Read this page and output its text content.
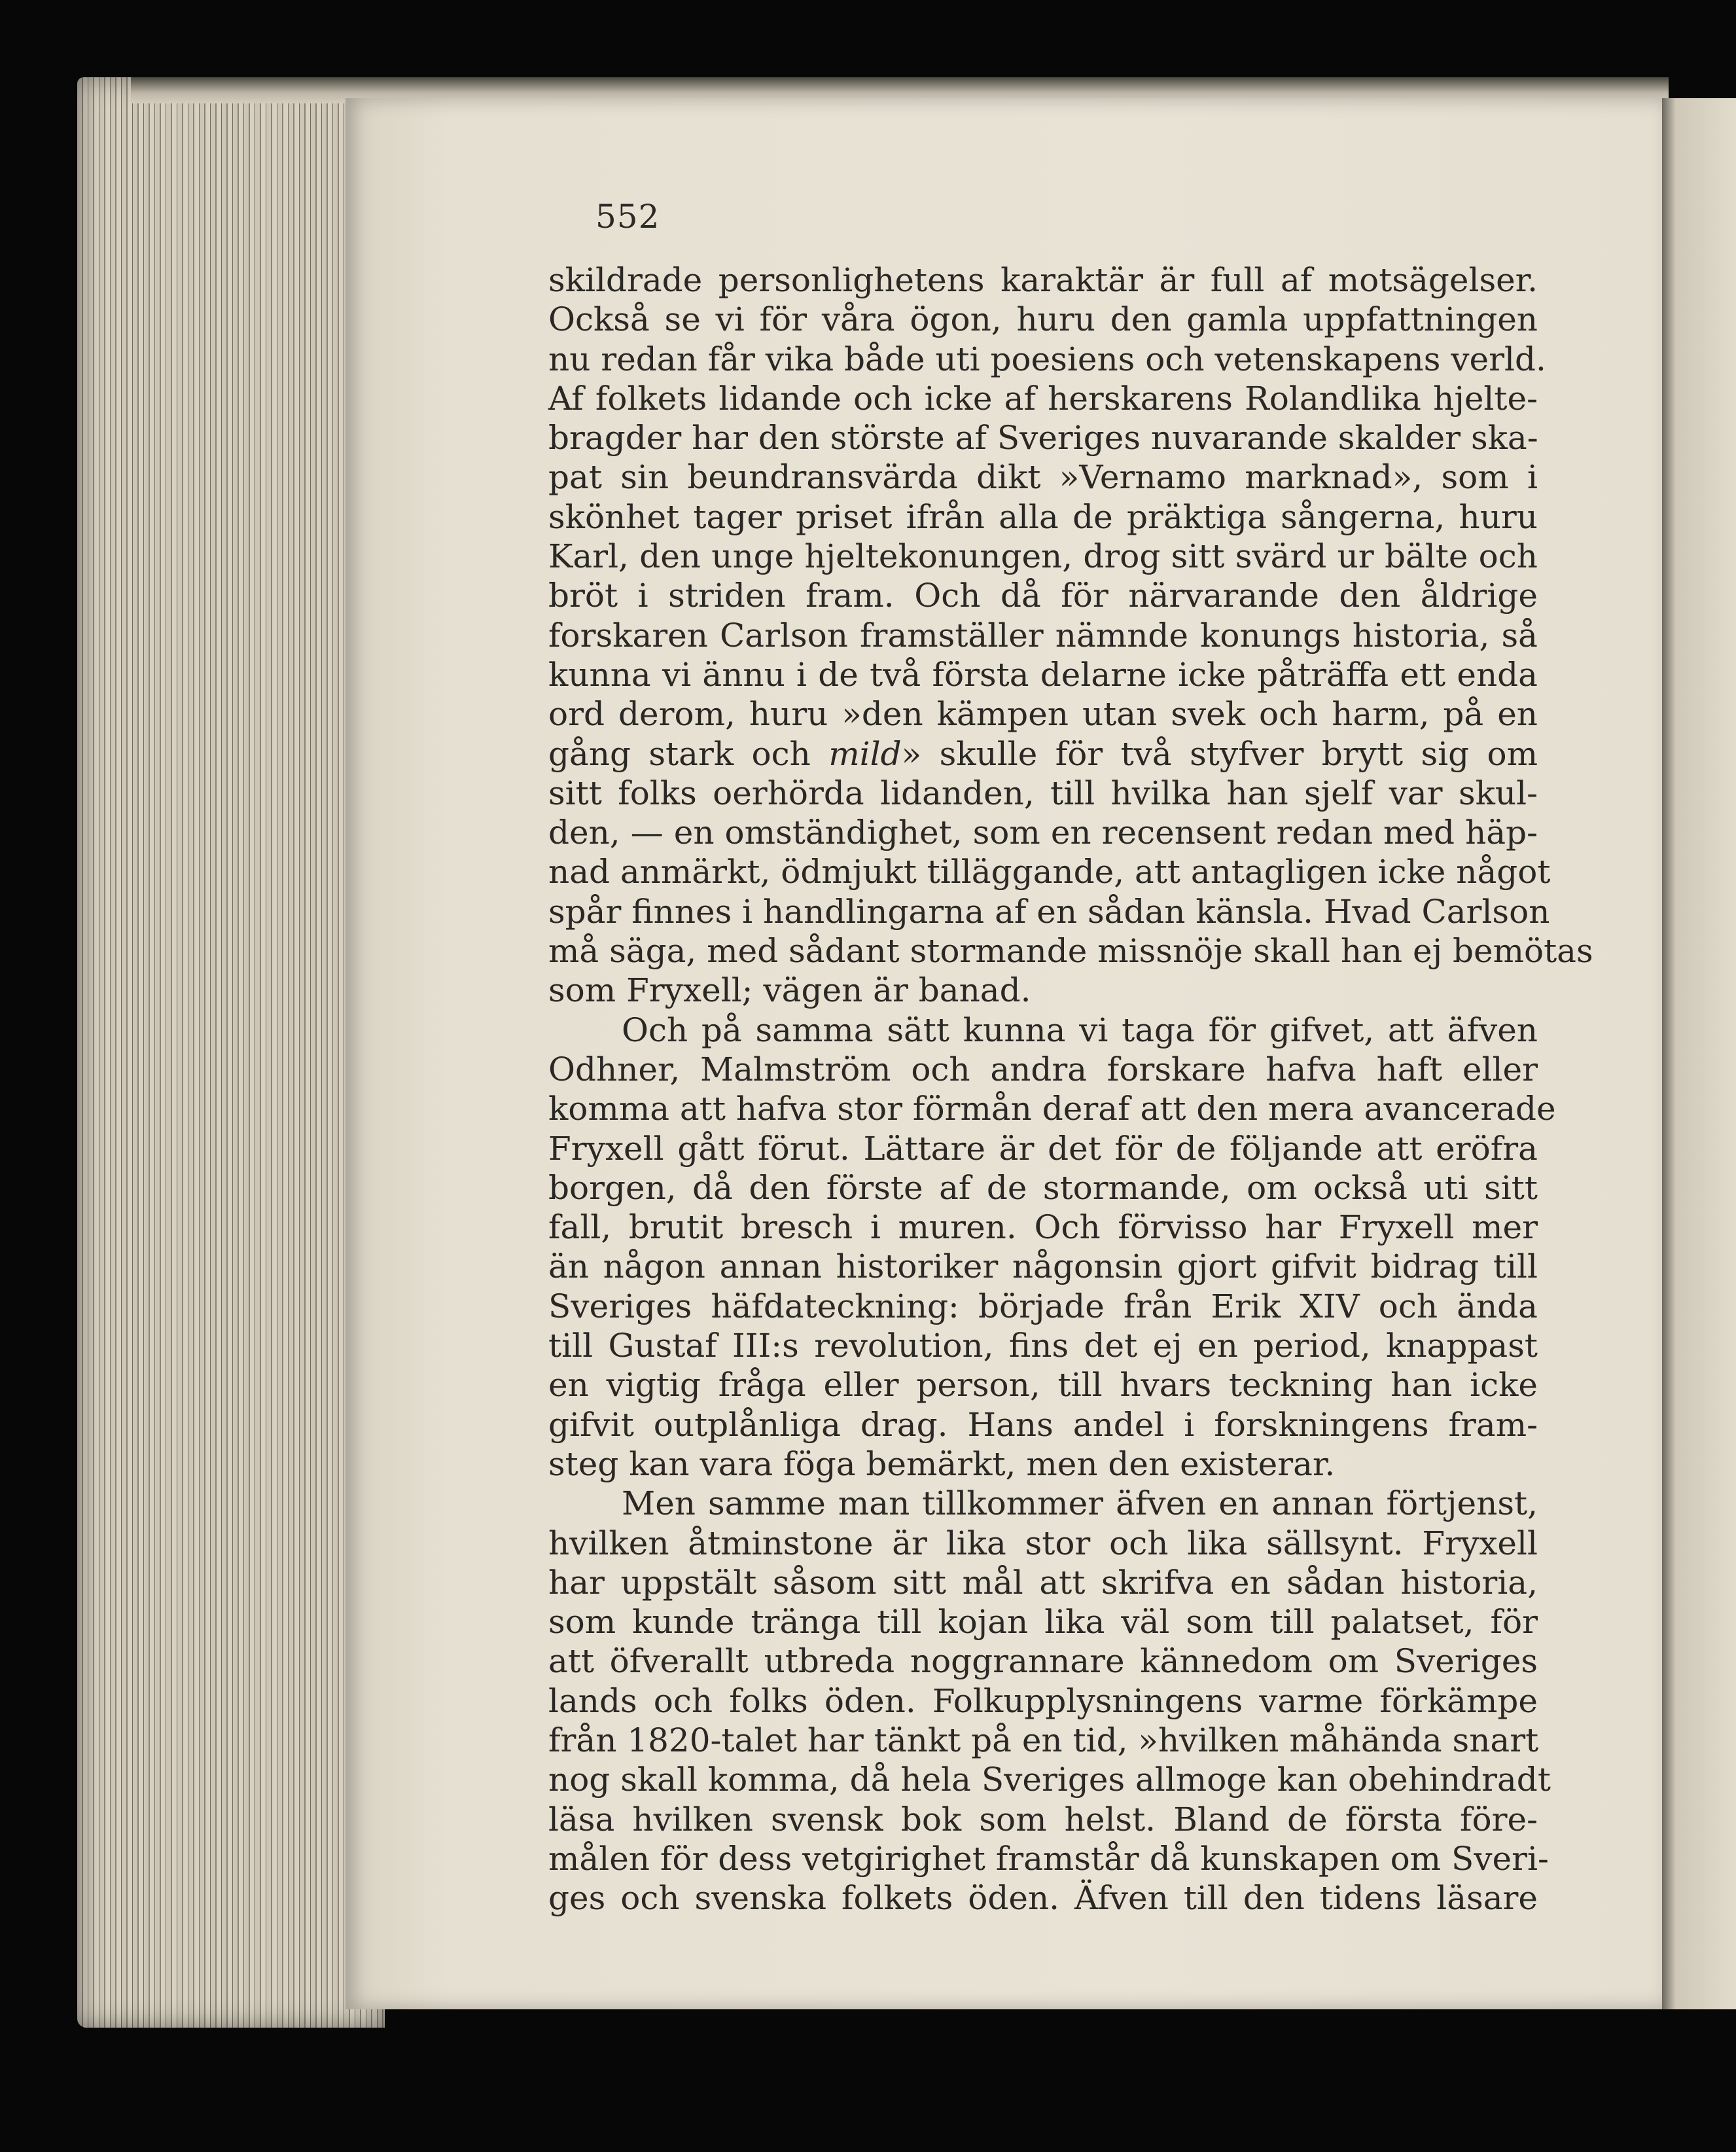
552

skildrade personlighetens karaktär är full af motsägelser.
Också se vi för våra ögon, huru den gamla uppfattningen
nu redan får vika både uti poesiens och vetenskapens verld.
Af folkets lidande och icke af herskarens Rolandlika hjelte-
bragder har den störste af Sveriges nuvarande skalder ska-
pat sin beundransvärda dikt »Vernamo marknad», som i
skönhet tager priset ifrån alla de präktiga sångerna, huru
Karl, den unge hjeltekonungen, drog sitt svärd ur bälte och
bröt i striden fram. Och då för närvarande den åldrige
forskaren Carlson framställer nämnde konungs historia, så
kunna vi ännu i de två första delarne icke påträffa ett enda
ord derom, huru »den kämpen utan svek och harm, på en
gång stark och mild» skulle för två styfver brytt sig om
sitt folks oerhörda lidanden, till hvilka han sjelf var skul-
den, — en omständighet, som en recensent redan med häp-
nad anmärkt, ödmjukt tilläggande, att antagligen icke något
spår finnes i handlingarna af en sådan känsla. Hvad Carlson
må säga, med sådant stormande missnöje skall han ej bemötas
som Fryxell; vägen är banad.
Och på samma sätt kunna vi taga för gifvet, att äfven
Odhner, Malmström och andra forskare hafva haft eller
komma att hafva stor förmån deraf att den mera avancerade
Fryxell gått förut. Lättare är det för de följande att eröfra
borgen, då den förste af de stormande, om också uti sitt
fall, brutit bresch i muren. Och förvisso har Fryxell mer
än någon annan historiker någonsin gjort gifvit bidrag till
Sveriges häfdateckning: började från Erik XIV och ända
till Gustaf III:s revolution, fins det ej en period, knappast
en vigtig fråga eller person, till hvars teckning han icke
gifvit outplånliga drag. Hans andel i forskningens fram-
steg kan vara föga bemärkt, men den existerar.
Men samme man tillkommer äfven en annan förtjenst,
hvilken åtminstone är lika stor och lika sällsynt. Fryxell
har uppstält såsom sitt mål att skrifva en sådan historia,
som kunde tränga till kojan lika väl som till palatset, för
att öfverallt utbreda noggrannare kännedom om Sveriges
lands och folks öden. Folkupplysningens varme förkämpe
från 1820-talet har tänkt på en tid, »hvilken måhända snart
nog skall komma, då hela Sveriges allmoge kan obehindradt
läsa hvilken svensk bok som helst. Bland de första före-
målen för dess vetgirighet framstår då kunskapen om Sveri-
ges och svenska folkets öden. Äfven till den tidens läsare
